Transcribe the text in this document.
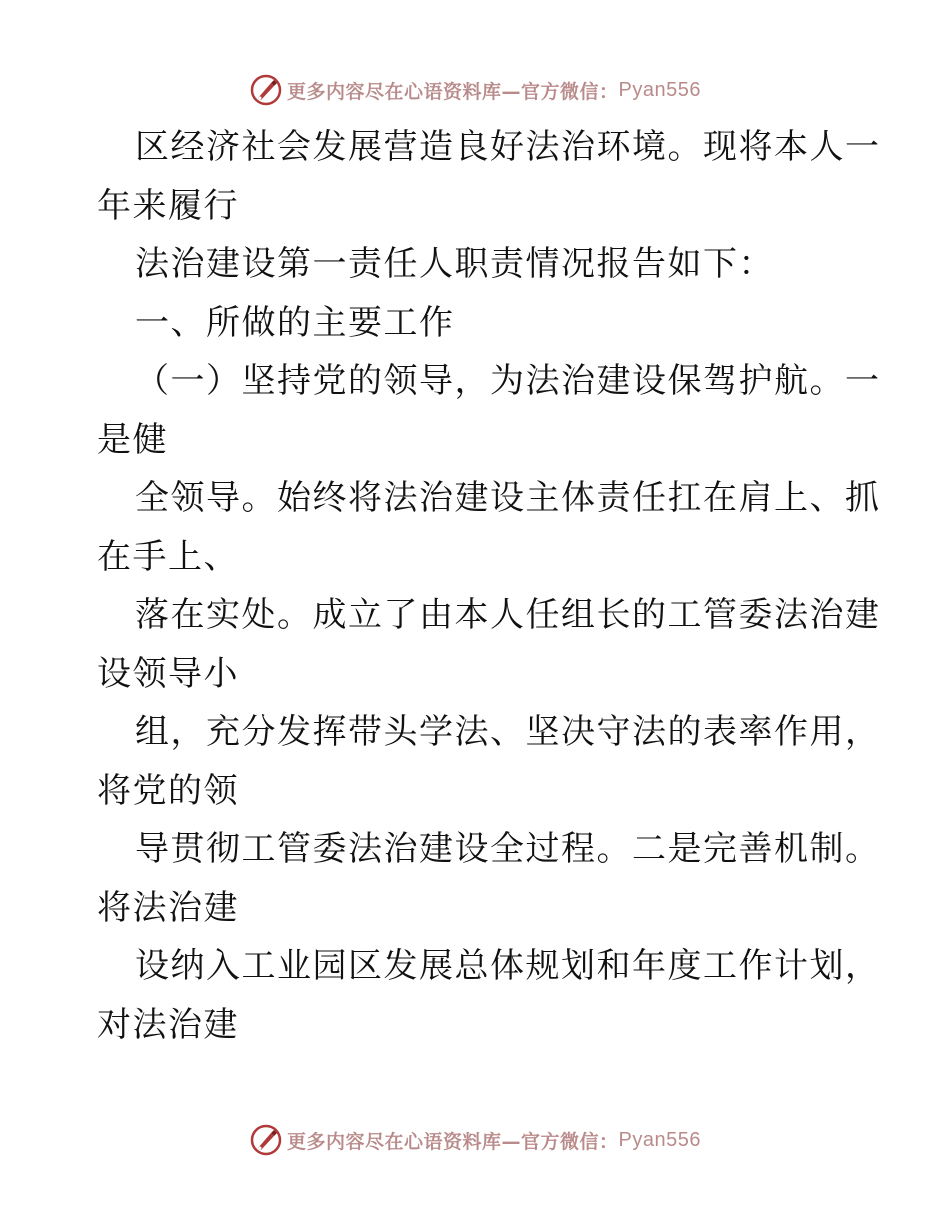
更多内容尽在心语资料库—官方微信： Pyan556
区经济社会发展营造良好法治环境。现将本人一
年来履行
法治建设第一责任人职责情况报告如下：
一、所做的主要工作
（一）坚持党的领导，为法治建设保驾护航。一
是健
全领导。始终将法治建设主体责任扛在肩上、抓
在手上、
落在实处。成立了由本人任组长的工管委法治建
设领导小
组，充分发挥带头学法、坚决守法的表率作用，
将党的领
导贯彻工管委法治建设全过程。二是完善机制。
将法治建
设纳入工业园区发展总体规划和年度工作计划，
对法治建
更多内容尽在心语资料库—官方微信： Pyan556
